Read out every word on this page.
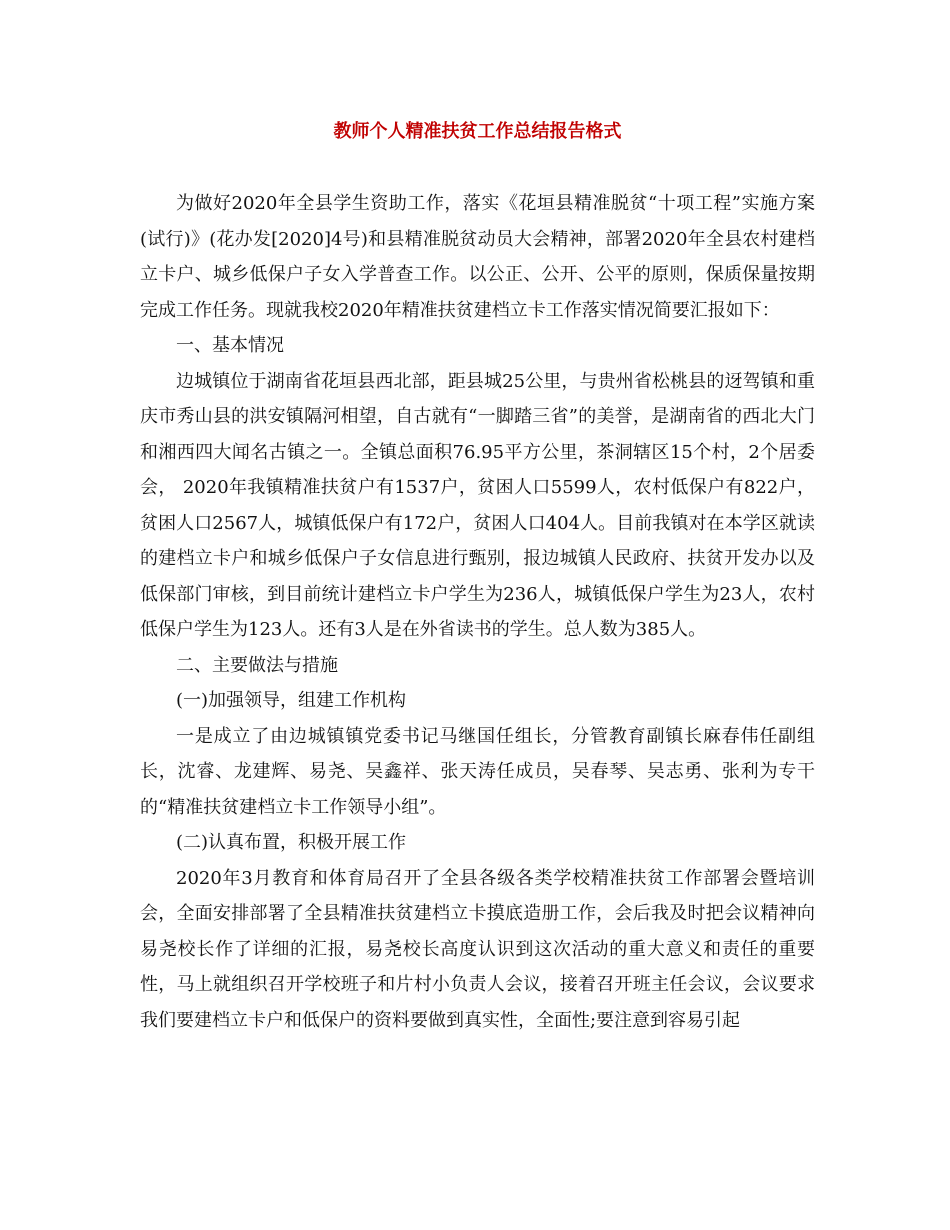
教师个人精准扶贫工作总结报告格式

为做好2020年全县学生资助工作，落实《花垣县精准脱贫“十项工程”实施方案(试行)》(花办发[2020]4号)和县精准脱贫动员大会精神，部署2020年全县农村建档立卡户、城乡低保户子女入学普查工作。以公正、公开、公平的原则，保质保量按期完成工作任务。现就我校2020年精准扶贫建档立卡工作落实情况简要汇报如下：

一、基本情况

边城镇位于湖南省花垣县西北部，距县城25公里，与贵州省松桃县的迓驾镇和重庆市秀山县的洪安镇隔河相望，自古就有“一脚踏三省”的美誉，是湖南省的西北大门和湘西四大闻名古镇之一。全镇总面积76.95平方公里，茶洞辖区15个村，2个居委会， 2020年我镇精准扶贫户有1537户，贫困人口5599人，农村低保户有822户，贫困人口2567人，城镇低保户有172户，贫困人口404人。目前我镇对在本学区就读的建档立卡户和城乡低保户子女信息进行甄别，报边城镇人民政府、扶贫开发办以及低保部门审核，到目前统计建档立卡户学生为236人，城镇低保户学生为23人，农村低保户学生为123人。还有3人是在外省读书的学生。总人数为385人。

二、主要做法与措施

(一)加强领导，组建工作机构

一是成立了由边城镇镇党委书记马继国任组长，分管教育副镇长麻春伟任副组长，沈睿、龙建辉、易尧、吴鑫祥、张天涛任成员，吴春琴、吴志勇、张利为专干的“精准扶贫建档立卡工作领导小组”。

(二)认真布置，积极开展工作

2020年3月教育和体育局召开了全县各级各类学校精准扶贫工作部署会暨培训会，全面安排部署了全县精准扶贫建档立卡摸底造册工作，会后我及时把会议精神向易尧校长作了详细的汇报，易尧校长高度认识到这次活动的重大意义和责任的重要性，马上就组织召开学校班子和片村小负责人会议，接着召开班主任会议，会议要求我们要建档立卡户和低保户的资料要做到真实性，全面性;要注意到容易引起
